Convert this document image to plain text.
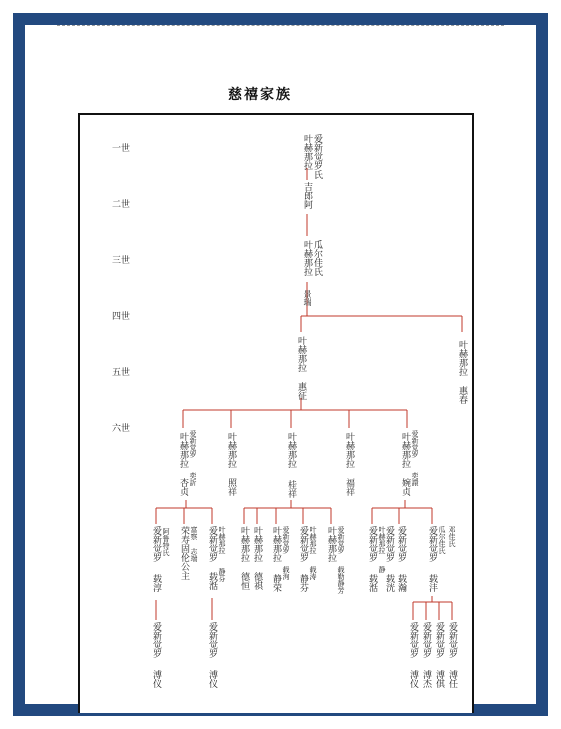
慈禧家族
一世
二世
三世
四世
五世
六世
叶赫那拉 爱新觉罗氏
吉郎阿
叶赫那拉 瓜尔佳氏
景瑞
叶赫那拉
惠征
叶赫那拉
惠春
叶赫那拉 爱新觉罗
奕訢
杏贞
叶赫那拉
照祥
叶赫那拉
桂祥
叶赫那拉
福祥
叶赫那拉 爱新觉罗
奕譞
婉贞
爱新觉罗 阿鲁特氏
载淳
荣寿固伦公主 富察
志端 爱新觉罗 叶赫那拉
静芬
载湉
叶赫那拉
德恒
叶赫那拉
德祺
叶赫那拉 爱新觉罗
载洵
静荣
爱新觉罗 叶赫那拉
载涛
静芬
叶赫那拉 爱新觉罗
载勒静芳
爱新觉罗 叶赫那拉
静
载湉
爱新觉罗
载洸
爱新觉罗
载瀚
爱新觉罗 瓜尔佳氏 邓佳氏
载沣
爱新觉罗
溥仪
爱新觉罗
溥仪
爱新觉罗
溥仪
爱新觉罗
溥杰
爱新觉罗
溥倛
爱新觉罗
溥任
